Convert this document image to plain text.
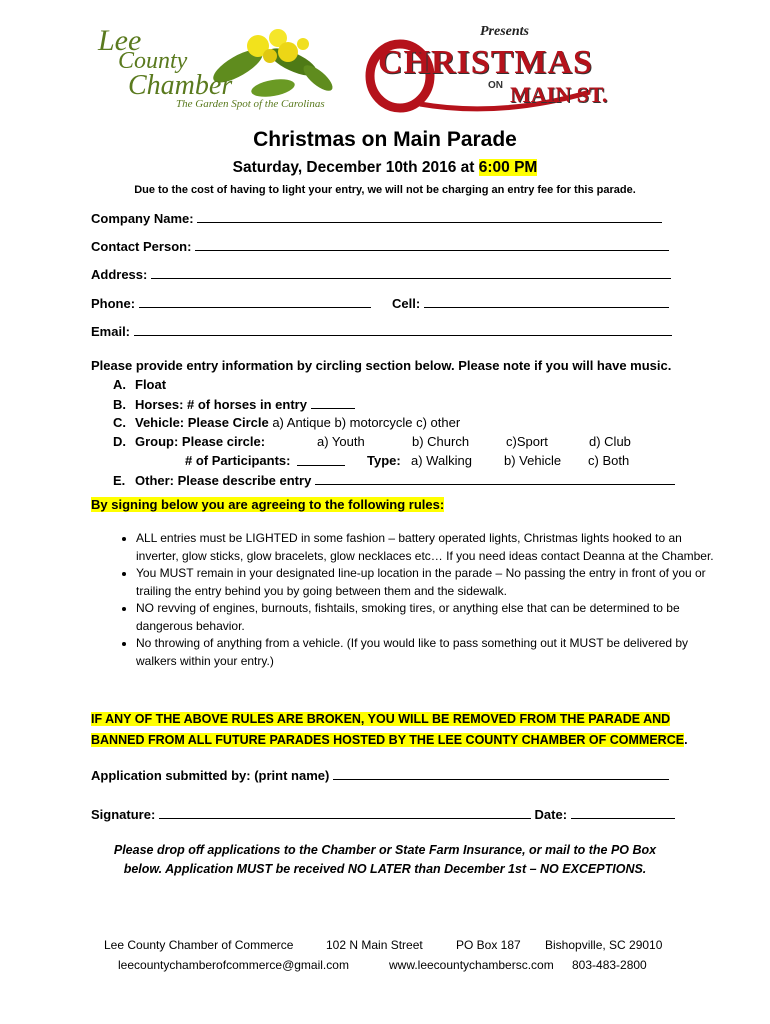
Lee
County
Chamber
The Garden Spot of the Carolinas
Presents
CHRISTMAS
ON MAIN ST.
Christmas on Main Parade
Saturday, December 10th 2016 at 6:00 PM
Due to the cost of having to light your entry, we will not be charging an entry fee for this parade.
Company Name:
Contact Person:
Address:
Phone:	Cell:
Email:
Please provide entry information by circling section below. Please note if you will have music.
A. Float
B. Horses: # of horses in entry
C. Vehicle: Please Circle a) Antique b) motorcycle c) other
D. Group: Please circle:	a) Youth	b) Church	c)Sport	d) Club
# of Participants:	Type: a) Walking b) Vehicle c) Both
E. Other: Please describe entry
By signing below you are agreeing to the following rules:
• ALL entries must be LIGHTED in some fashion – battery operated lights, Christmas lights hooked to an inverter, glow sticks, glow bracelets, glow necklaces etc… If you need ideas contact Deanna at the Chamber.
• You MUST remain in your designated line-up location in the parade – No passing the entry in front of you or trailing the entry behind you by going between them and the sidewalk.
• NO revving of engines, burnouts, fishtails, smoking tires, or anything else that can be determined to be dangerous behavior.
• No throwing of anything from a vehicle. (If you would like to pass something out it MUST be delivered by walkers within your entry.)
IF ANY OF THE ABOVE RULES ARE BROKEN, YOU WILL BE REMOVED FROM THE PARADE AND
BANNED FROM ALL FUTURE PARADES HOSTED BY THE LEE COUNTY CHAMBER OF COMMERCE.
Application submitted by: (print name)
Signature:	Date:
Please drop off applications to the Chamber or State Farm Insurance, or mail to the PO Box
below. Application MUST be received NO LATER than December 1st – NO EXCEPTIONS.
Lee County Chamber of Commerce	102 N Main Street	PO Box 187 Bishopville, SC 29010
leecountychamberofcommerce@gmail.com	www.leecountychambersc.com 803-483-2800
